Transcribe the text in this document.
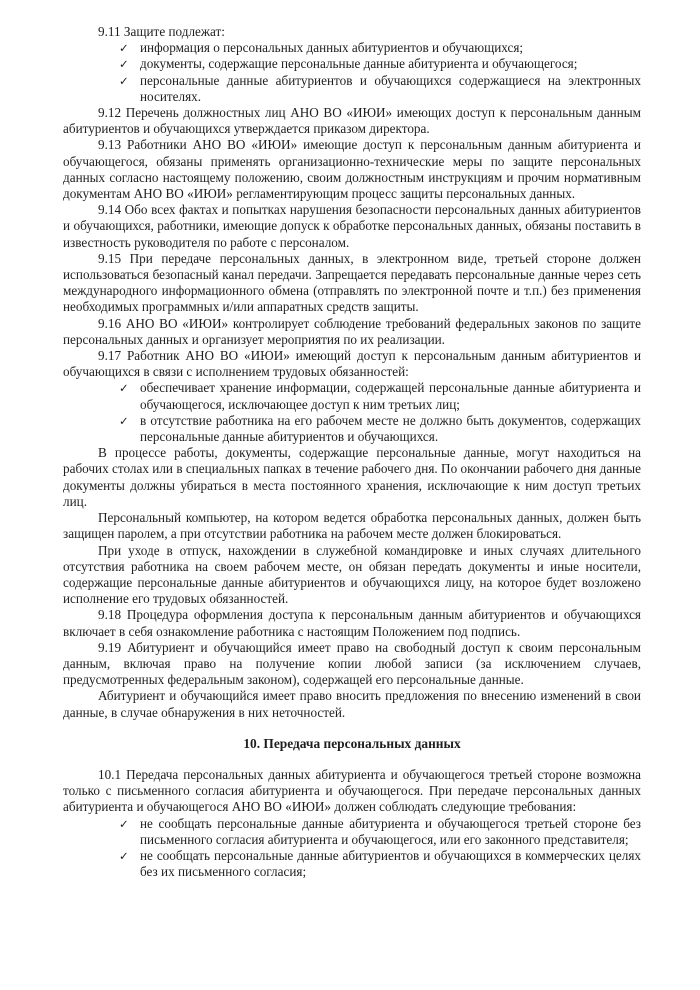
9.11 Защите подлежат:

✓ информация о персональных данных абитуриентов и обучающихся;
✓ документы, содержащие персональные данные абитуриента и обучающегося;
✓ персональные данные абитуриентов и обучающихся содержащиеся на электронных носителях.

9.12 Перечень должностных лиц АНО ВО «ИЮИ» имеющих доступ к персональным данным абитуриентов и обучающихся утверждается приказом директора.

9.13 Работники АНО ВО «ИЮИ» имеющие доступ к персональным данным абитуриента и обучающегося, обязаны применять организационно-технические меры по защите персональных данных согласно настоящему положению, своим должностным инструкциям и прочим нормативным документам АНО ВО «ИЮИ» регламентирующим процесс защиты персональных данных.

9.14 Обо всех фактах и попытках нарушения безопасности персональных данных абитуриентов и обучающихся, работники, имеющие допуск к обработке персональных данных, обязаны поставить в известность руководителя по работе с персоналом.

9.15 При передаче персональных данных, в электронном виде, третьей стороне должен использоваться безопасный канал передачи. Запрещается передавать персональные данные через сеть международного информационного обмена (отправлять по электронной почте и т.п.) без применения необходимых программных и/или аппаратных средств защиты.

9.16 АНО ВО «ИЮИ» контролирует соблюдение требований федеральных законов по защите персональных данных и организует мероприятия по их реализации.

9.17 Работник АНО ВО «ИЮИ» имеющий доступ к персональным данным абитуриентов и обучающихся в связи с исполнением трудовых обязанностей:

✓ обеспечивает хранение информации, содержащей персональные данные абитуриента и обучающегося, исключающее доступ к ним третьих лиц;
✓ в отсутствие работника на его рабочем месте не должно быть документов, содержащих персональные данные абитуриентов и обучающихся.

В процессе работы, документы, содержащие персональные данные, могут находиться на рабочих столах или в специальных папках в течение рабочего дня. По окончании рабочего дня данные документы должны убираться в места постоянного хранения, исключающие к ним доступ третьих лиц.

Персональный компьютер, на котором ведется обработка персональных данных, должен быть защищен паролем, а при отсутствии работника на рабочем месте должен блокироваться.

При уходе в отпуск, нахождении в служебной командировке и иных случаях длительного отсутствия работника на своем рабочем месте, он обязан передать документы и иные носители, содержащие персональные данные абитуриентов и обучающихся лицу, на которое будет возложено исполнение его трудовых обязанностей.

9.18 Процедура оформления доступа к персональным данным абитуриентов и обучающихся включает в себя ознакомление работника с настоящим Положением под подпись.

9.19 Абитуриент и обучающийся имеет право на свободный доступ к своим персональным данным, включая право на получение копии любой записи (за исключением случаев, предусмотренных федеральным законом), содержащей его персональные данные.

Абитуриент и обучающийся имеет право вносить предложения по внесению изменений в свои данные, в случае обнаружения в них неточностей.

10. Передача персональных данных

10.1 Передача персональных данных абитуриента и обучающегося третьей стороне возможна только с письменного согласия абитуриента и обучающегося. При передаче персональных данных абитуриента и обучающегося АНО ВО «ИЮИ» должен соблюдать следующие требования:

✓ не сообщать персональные данные абитуриента и обучающегося третьей стороне без письменного согласия абитуриента и обучающегося, или его законного представителя;
✓ не сообщать персональные данные абитуриентов и обучающихся в коммерческих целях без их письменного согласия;
